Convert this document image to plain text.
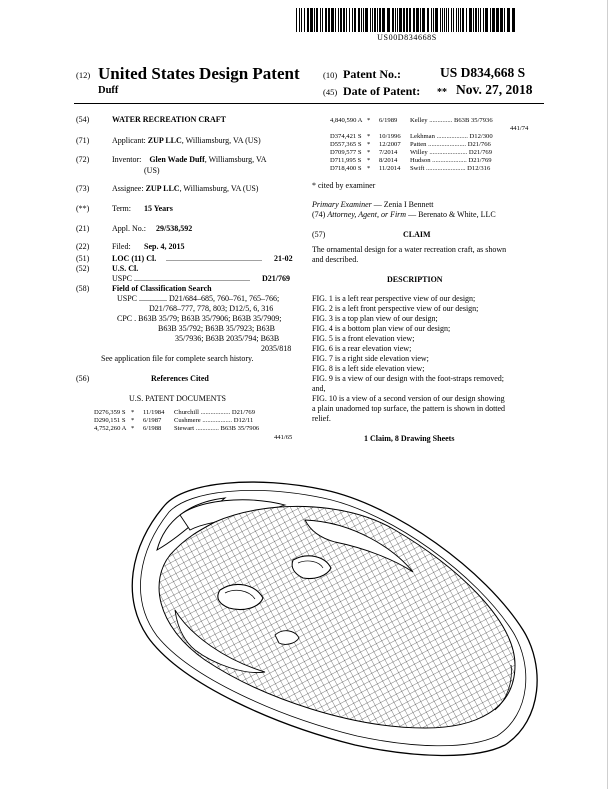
US00D834668S
(12) United States Design Patent
Duff
(10) Patent No.:	US D834,668 S
(45) Date of Patent: ** Nov. 27, 2018
(54)	WATER RECREATION CRAFT
(71)	Applicant: ZUP LLC, Williamsburg, VA (US)
(72)	Inventor: Glen Wade Duff, Williamsburg, VA
(US)
(73)	Assignee: ZUP LLC, Williamsburg, VA (US)
(**)	Term: 15 Years
(21)	Appl. No.: 29/538,592
(22)	Filed: Sep. 4, 2015
(51)	LOC (11) Cl. ................................................ 21-02
(52)	U.S. Cl.
USPC .......................................................... D21/769
(58)	Field of Classification Search
USPC .............. D21/684–685, 760–761, 765–766;
D21/768–777, 778, 803; D12/5, 6, 316
CPC . B63B 35/79; B63B 35/7906; B63B 35/7909;
B63B 35/792; B63B 35/7923; B63B
35/7936; B63B 2035/794; B63B
2035/818
See application file for complete search history.
(56)	References Cited
U.S. PATENT DOCUMENTS
D276,359 S * 11/1984 Churchill .................. D21/769
D290,151 S * 6/1987 Cushmere .................. D12/11
4,752,260 A * 6/1988 Stewart .............. B63B 35/7906
441/65
4,840,590 A * 6/1989 Kelley .............. B63B 35/7936
441/74
D374,421 S * 10/1996 Lekhman ................... D12/300
D557,365 S * 12/2007 Patten ....................... D21/766
D709,577 S * 7/2014 Willey ....................... D21/769
D711,995 S * 8/2014 Hudson ..................... D21/769
D718,400 S * 11/2014 Swift ........................ D12/316
* cited by examiner
Primary Examiner — Zenia I Bennett
(74) Attorney, Agent, or Firm — Berenato & White, LLC
(57)	CLAIM
The ornamental design for a water recreation craft, as shown
and described.
DESCRIPTION
FIG. 1 is a left rear perspective view of our design;
FIG. 2 is a left front perspective view of our design;
FIG. 3 is a top plan view of our design;
FIG. 4 is a bottom plan view of our design;
FIG. 5 is a front elevation view;
FIG. 6 is a rear elevation view;
FIG. 7 is a right side elevation view;
FIG. 8 is a left side elevation view;
FIG. 9 is a view of our design with the foot-straps removed;
and,
FIG. 10 is a view of a second version of our design showing
a plain unadorned top surface, the pattern is shown in dotted
relief.
1 Claim, 8 Drawing Sheets
